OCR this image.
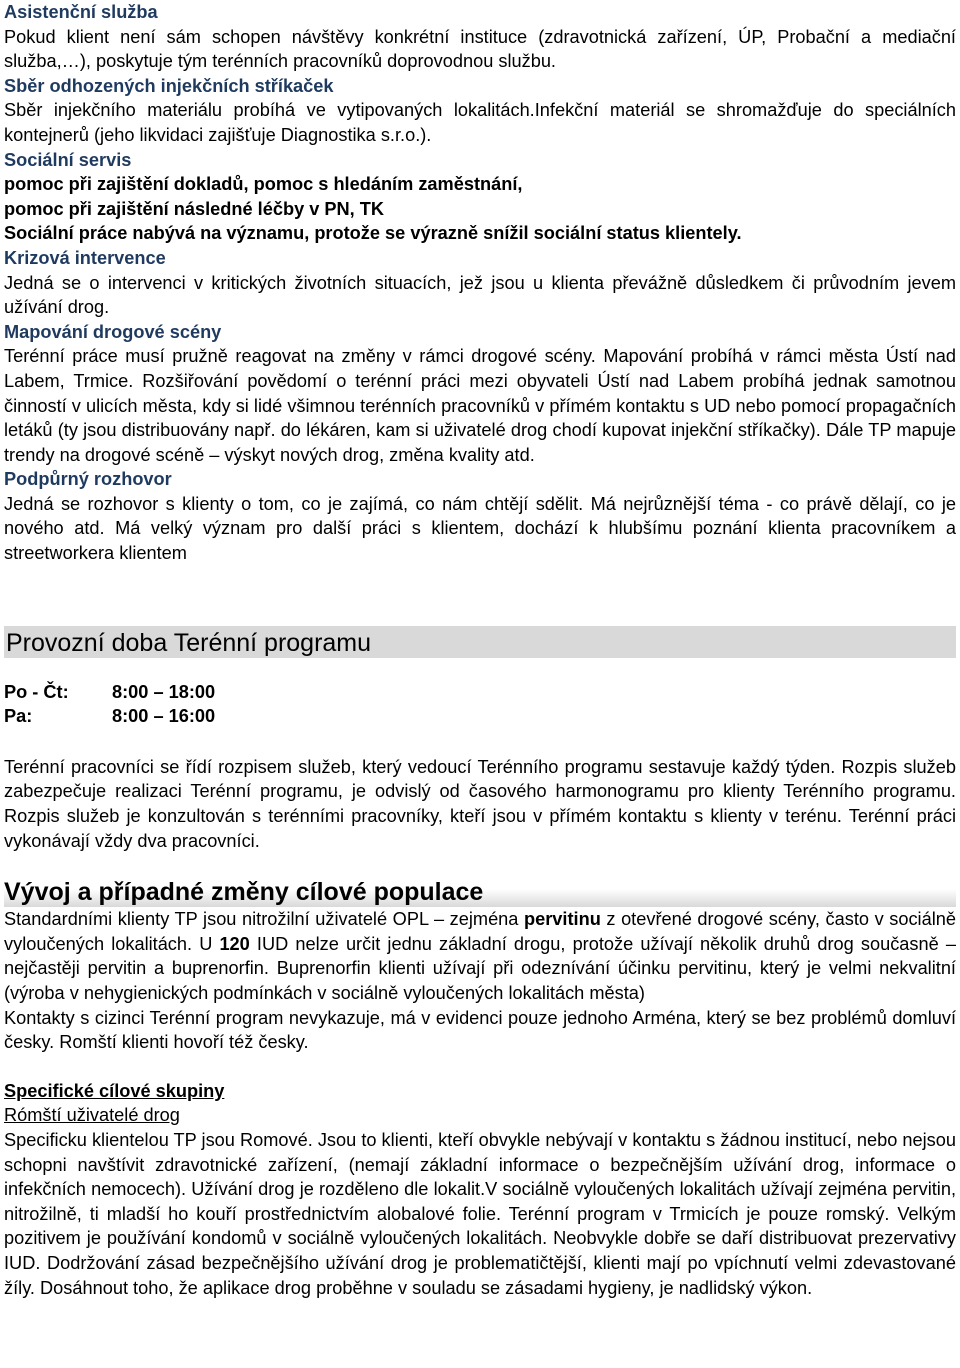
Asistenční služba

Pokud klient není sám schopen návštěvy konkrétní instituce (zdravotnická zařízení, ÚP, Probační a mediační služba,…), poskytuje tým terénních pracovníků doprovodnou službu.

Sběr odhozených injekčních stříkaček

Sběr injekčního materiálu probíhá ve vytipovaných lokalitách.Infekční materiál se shromažďuje do speciálních kontejnerů (jeho likvidaci zajišťuje Diagnostika s.r.o.).

Sociální servis

pomoc při zajištění dokladů, pomoc s hledáním zaměstnání,

pomoc při zajištění následné léčby v PN, TK

Sociální práce nabývá na významu, protože se výrazně snížil sociální status klientely.

Krizová intervence

Jedná se o intervenci v kritických životních situacích, jež jsou u klienta převážně důsledkem či průvodním jevem užívání drog.

Mapování drogové scény

Terénní práce musí pružně reagovat na změny v rámci drogové scény. Mapování probíhá v rámci města Ústí nad Labem, Trmice. Rozšiřování povědomí o terénní práci mezi obyvateli Ústí nad Labem probíhá jednak samotnou činností v ulicích města, kdy si lidé všimnou terénních pracovníků v přímém kontaktu s UD nebo pomocí propagačních letáků (ty jsou distribuovány např. do lékáren, kam si uživatelé drog chodí kupovat injekční stříkačky). Dále TP mapuje trendy na drogové scéně – výskyt nových drog, změna kvality atd.

Podpůrný rozhovor

Jedná se rozhovor s klienty o tom, co je zajímá, co nám chtějí sdělit. Má nejrůznější téma - co právě dělají, co je nového atd. Má velký význam pro další práci s klientem, dochází k hlubšímu poznání klienta pracovníkem a streetworkera klientem

Provozní doba Terénní programu

Po - Čt: 8:00 – 18:00

Pa:	8:00 – 16:00

Terénní pracovníci se řídí rozpisem služeb, který vedoucí Terénního programu sestavuje každý týden. Rozpis služeb zabezpečuje realizaci Terénní programu, je odvislý od časového harmonogramu pro klienty Terénního programu. Rozpis služeb je konzultován s terénními pracovníky, kteří jsou v přímém kontaktu s klienty v terénu. Terénní práci vykonávají vždy dva pracovníci.

Vývoj a případné změny cílové populace

Standardními klienty TP jsou nitrožilní uživatelé OPL – zejména pervitinu z otevřené drogové scény, často v sociálně vyloučených lokalitách. U 120 IUD nelze určit jednu základní drogu, protože užívají několik druhů drog současně – nejčastěji pervitin a buprenorfin. Buprenorfin klienti užívají při odeznívání účinku pervitinu, který je velmi nekvalitní (výroba v nehygienických podmínkách v sociálně vyloučených lokalitách města)

Kontakty s cizinci Terénní program nevykazuje, má v evidenci pouze jednoho Arména, který se bez problémů domluví česky. Romští klienti hovoří též česky.

Specifické cílové skupiny

Rómští uživatelé drog

Specificku klientelou TP jsou Romové. Jsou to klienti, kteří obvykle nebývají v kontaktu s žádnou institucí, nebo nejsou schopni navštívit zdravotnické zařízení, (nemají základní informace o bezpečnějším užívání drog, informace o infekčních nemocech). Užívání drog je rozděleno dle lokalit.V sociálně vyloučených lokalitách užívají zejména pervitin, nitrožilně, ti mladší ho kouří prostřednictvím alobalové folie. Terénní program v Trmicích je pouze romský. Velkým pozitivem je používání kondomů v sociálně vyloučených lokalitách. Neobvykle dobře se daří distribuovat prezervativy IUD. Dodržování zásad bezpečnějšího užívání drog je problematičtější, klienti mají po vpíchnutí velmi zdevastované žíly. Dosáhnout toho, že aplikace drog proběhne v souladu se zásadami hygieny, je nadlidský výkon.
